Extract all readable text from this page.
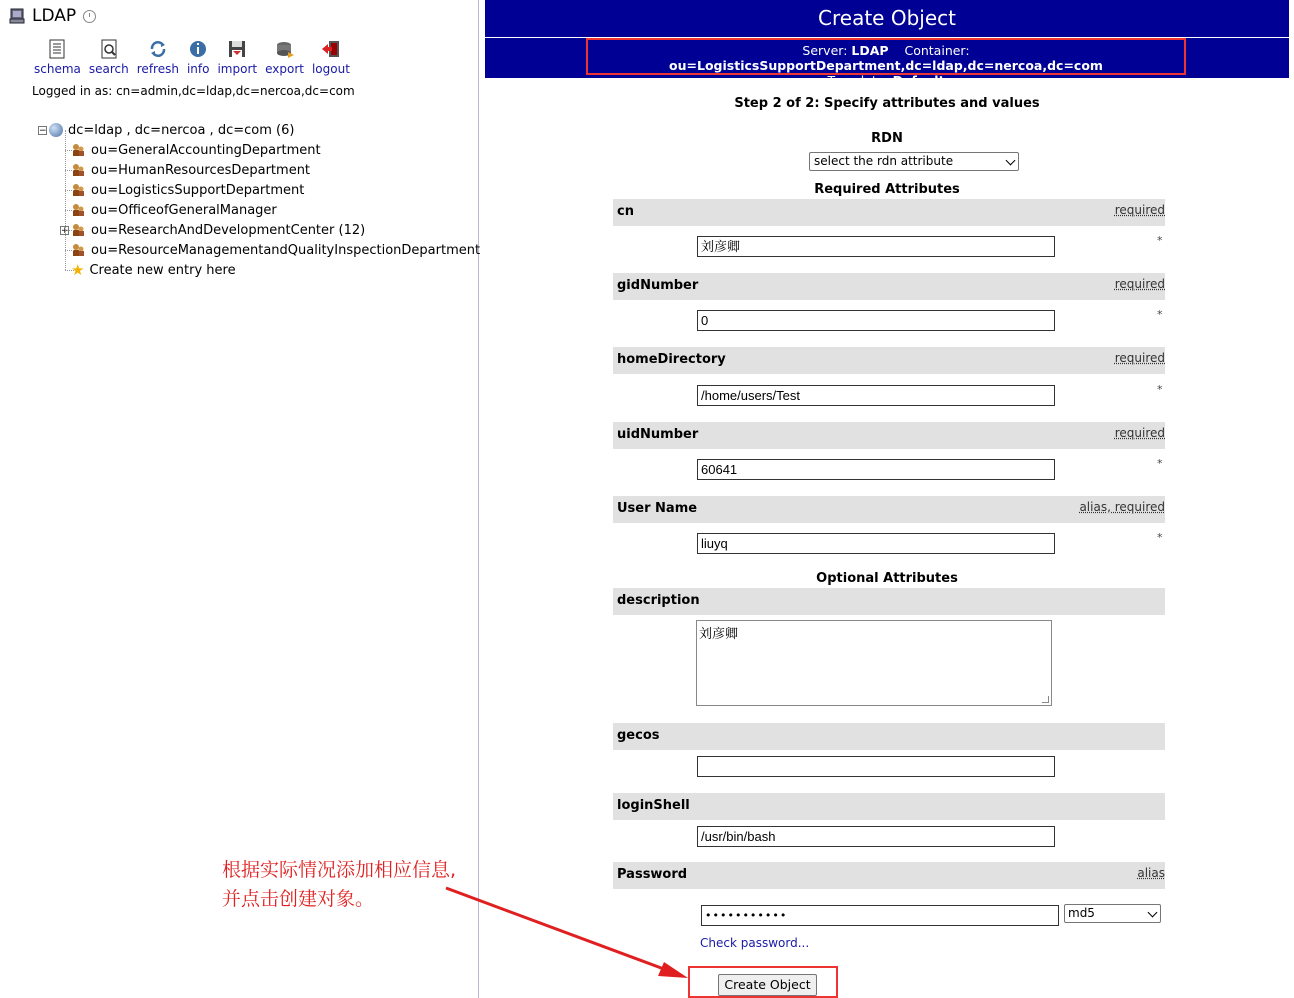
LDAP
schema search refresh info import export logout
Logged in as: cn=admin,dc=ldap,dc=nercoa,dc=com
− dc=ldap , dc=nercoa , dc=com (6)
ou=GeneralAccountingDepartment
ou=HumanResourcesDepartment
ou=LogisticsSupportDepartment
ou=OfficeofGeneralManager
+ ou=ResearchAndDevelopmentCenter (12)
ou=ResourceManagementandQualityInspectionDepartment
★ Create new entry here
Create Object
Server: LDAP Container: ou=LogisticsSupportDepartment,dc=ldap,dc=nercoa,dc=com
Template: Default
Step 2 of 2: Specify attributes and values
RDN
select the rdn attribute
Required Attributes
cn	required
刘彦卿	*
gidNumber	required
0	*
homeDirectory	required
/home/users/Test	*
uidNumber	required
60641	*
User Name	alias, required
liuyq	*
Optional Attributes
description
刘彦卿
gecos
loginShell
/usr/bin/bash
Password	alias
•••••••••••	md5
Check password...
Create Object
根据实际情况添加相应信息,
并点击创建对象。
